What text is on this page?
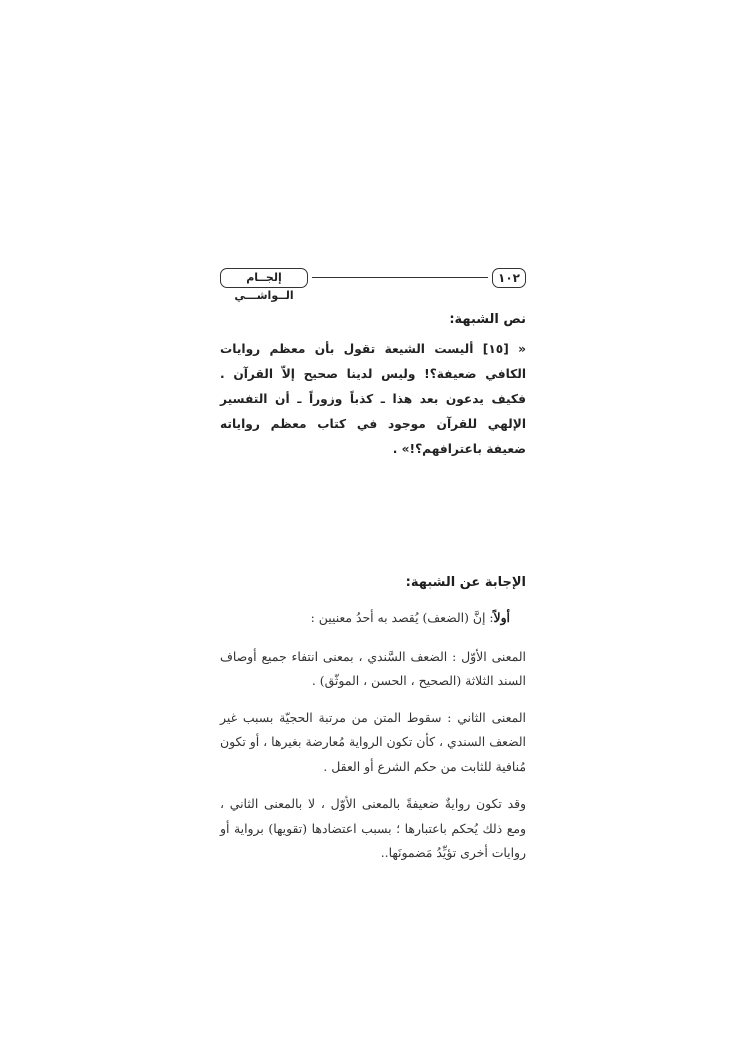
١٠٢
إلجــام الــواشـــي
نص الشبهة:

« [١٥] أليست الشيعة تقول بأن معظم روايات الكافي ضعيفة؟! وليس لدينا صحيح إلاّ القرآن . فكيف يدعون بعد هذا ـ كذباً وزوراً ـ أن التفسير الإلهي للقرآن موجود في كتاب معظم رواياته ضعيفة باعترافهم؟!» .

الإجابة عن الشبهة:

أولاً: إنَّ (الضعف) يُقصد به أحدُ معنيين :

المعنى الأوّل : الضعف السَّندي ، بمعنى انتفاء جميع أوصاف السند الثلاثة (الصحيح ، الحسن ، الموثّق) .

المعنى الثاني : سقوط المتن من مرتبة الحجيّة بسبب غير الضعف السندي ، كأن تكون الرواية مُعارضة بغيرها ، أو تكون مُنافية للثابت من حكم الشرع أو العقل .

وقد تكون روايةٌ ضعيفةً بالمعنى الأوّل ، لا بالمعنى الثاني ، ومع ذلك يُحكم باعتبارها ؛ بسبب اعتضادها (تقويها) برواية أو روايات أخرى تؤيِّدُ مَضمونَها..
